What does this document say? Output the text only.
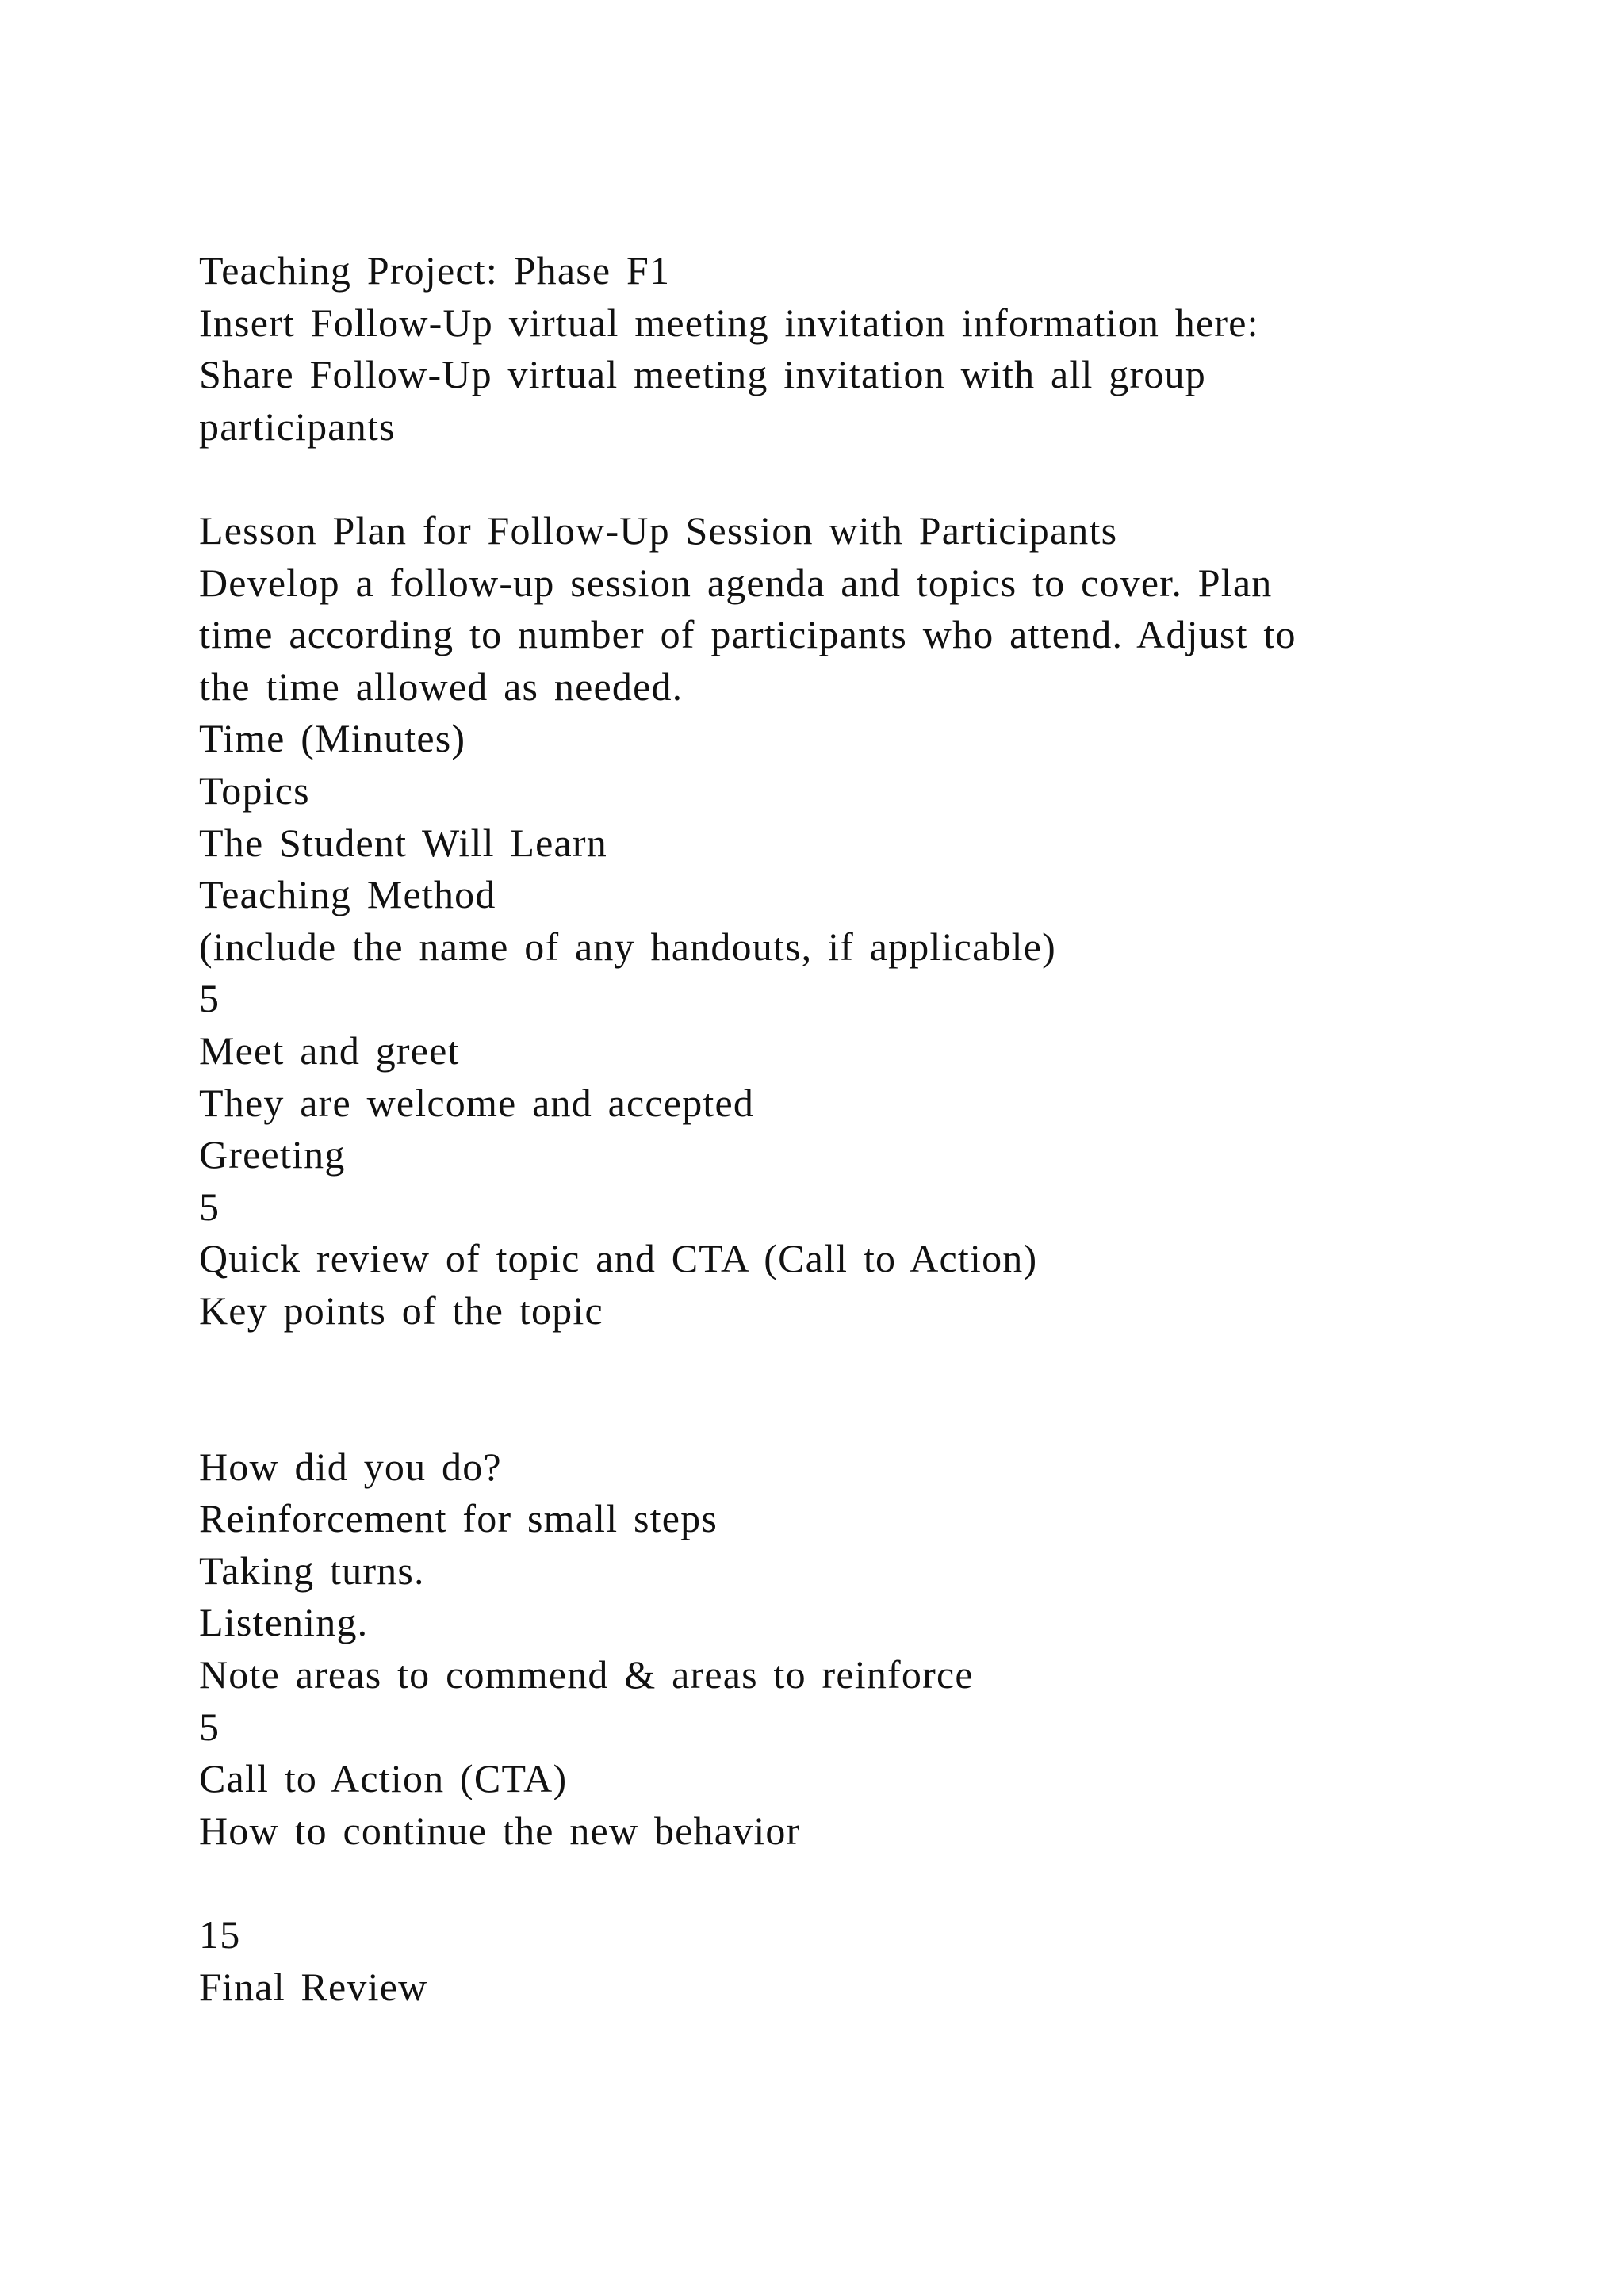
Teaching Project: Phase F1
Insert Follow-Up virtual meeting invitation information here:
Share Follow-Up virtual meeting invitation with all group
participants
Lesson Plan for Follow-Up Session with Participants
Develop a follow-up session agenda and topics to cover. Plan
time according to number of participants who attend. Adjust to
the time allowed as needed.
Time (Minutes)
Topics
The Student Will Learn
Teaching Method
(include the name of any handouts, if applicable)
5
Meet and greet
They are welcome and accepted
Greeting
5
Quick review of topic and CTA (Call to Action)
Key points of the topic
How did you do?
Reinforcement for small steps
Taking turns.
Listening.
Note areas to commend & areas to reinforce
5
Call to Action (CTA)
How to continue the new behavior
15
Final Review
